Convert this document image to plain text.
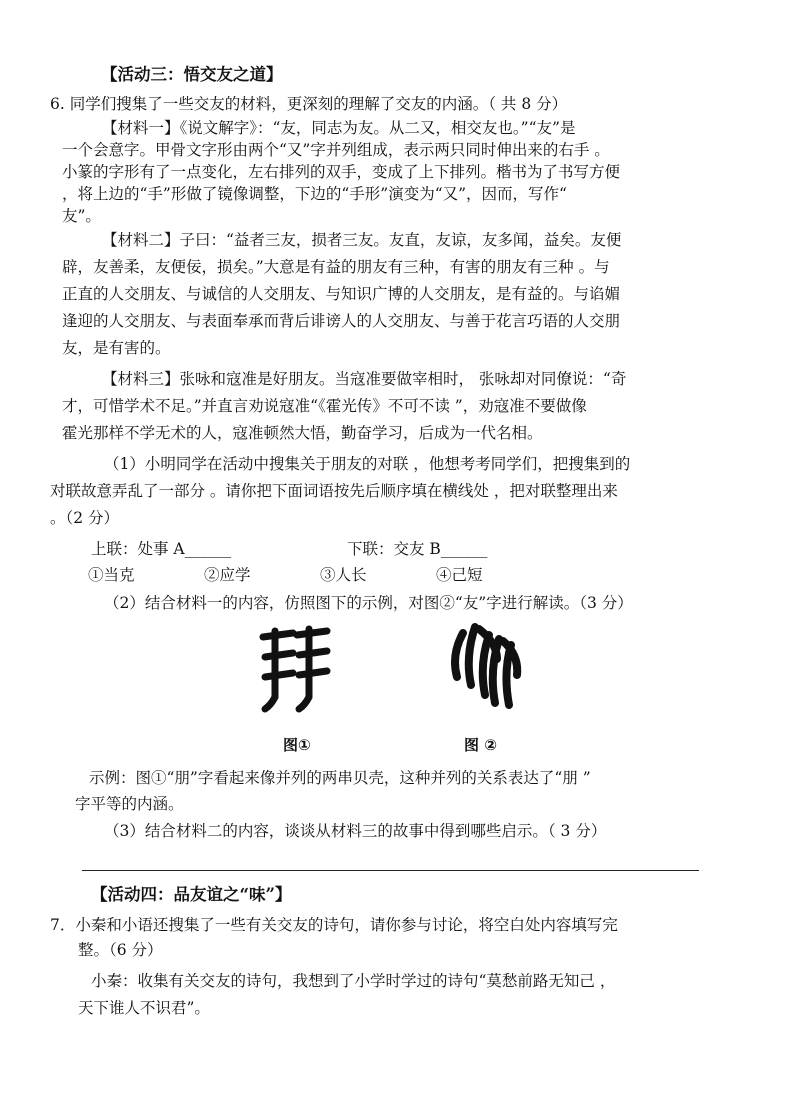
【活动三：悟交友之道】
6. 同学们搜集了一些交友的材料，更深刻的理解了交友的内涵。（ 共 8 分）
【材料一】《说文解字》：“友，同志为友。从二又，相交友也。”“友”是
一个会意字。甲骨文字形由两个“又”字并列组成，表示两只同时伸出来的右手 。
小篆的字形有了一点变化，左右排列的双手，变成了上下排列。楷书为了书写方便
，将上边的“手”形做了镜像调整，下边的“手形”演变为“又”，因而，写作“
友”。
【材料二】子曰：“益者三友，损者三友。友直，友谅，友多闻，益矣。友便
辟，友善柔，友便佞，损矣。”大意是有益的朋友有三种，有害的朋友有三种 。与
正直的人交朋友、与诚信的人交朋友、与知识广博的人交朋友，是有益的。与谄媚
逢迎的人交朋友、与表面奉承而背后诽谤人的人交朋友、与善于花言巧语的人交朋
友，是有害的。
【材料三】张咏和寇准是好朋友。当寇准要做宰相时， 张咏却对同僚说：“奇
才，可惜学术不足。”并直言劝说寇准“《霍光传》不可不读 ”，劝寇准不要做像
霍光那样不学无术的人，寇准顿然大悟，勤奋学习，后成为一代名相。
（1）小明同学在活动中搜集关于朋友的对联 ，他想考考同学们，把搜集到的
对联故意弄乱了一部分 。请你把下面词语按先后顺序填在横线处 ，把对联整理出来
。（2 分）
上联：处事 A______	下联：交友 B______
①当克	②应学	③人长	④己短
（2）结合材料一的内容，仿照图下的示例，对图②“友”字进行解读。（3 分）
图①	图 ②
示例：图①“朋”字看起来像并列的两串贝壳，这种并列的关系表达了“朋 ”
字平等的内涵。
（3）结合材料二的内容，谈谈从材料三的故事中得到哪些启示。（ 3 分）
【活动四：品友谊之“味”】
7．小秦和小语还搜集了一些有关交友的诗句，请你参与讨论，将空白处内容填写完
整。（6 分）
小秦：收集有关交友的诗句，我想到了小学时学过的诗句“莫愁前路无知己 ，
天下谁人不识君”。
